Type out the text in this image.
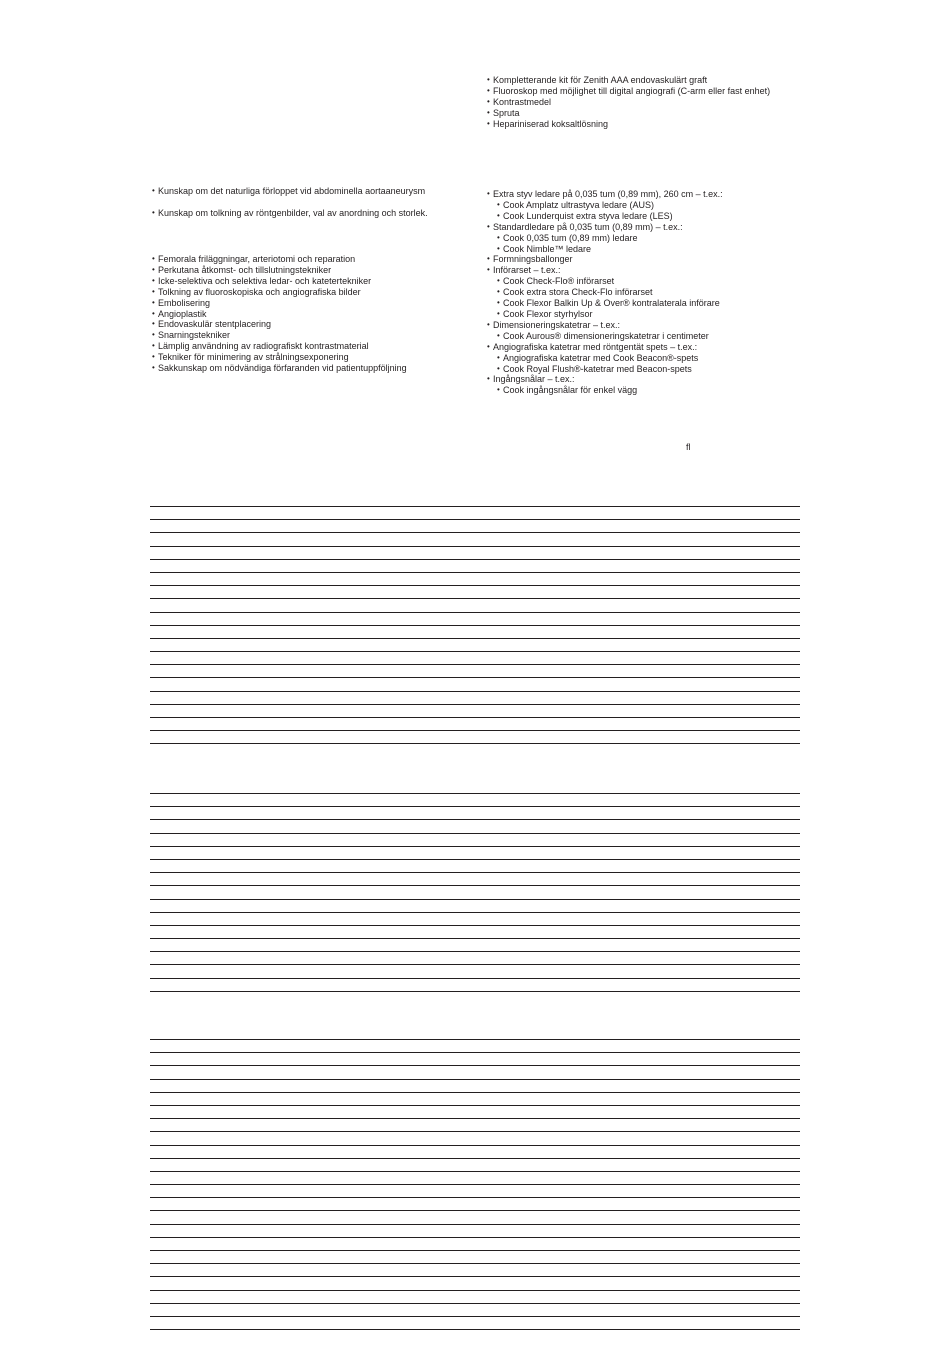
• Kompletterande kit för Zenith AAA endovaskulärt graft
• Fluoroskop med möjlighet till digital angiografi (C-arm eller fast enhet)
• Kontrastmedel
• Spruta
• Hepariniserad koksaltlösning
• Kunskap om det naturliga förloppet vid abdominella aortaaneurysm
• Kunskap om tolkning av röntgenbilder, val av anordning och storlek.
• Femorala friläggningar, arteriotomi och reparation
• Perkutana åtkomst- och tillslutningstekniker
• Icke-selektiva och selektiva ledar- och katetertekniker
• Tolkning av fluoroskopiska och angiografiska bilder
• Embolisering
• Angioplastik
• Endovaskulär stentplacering
• Snarningstekniker
• Lämplig användning av radiografiskt kontrastmaterial
• Tekniker för minimering av strålningsexponering
• Sakkunskap om nödvändiga förfaranden vid patientuppföljning
• Extra styv ledare på 0,035 tum (0,89 mm), 260 cm – t.ex.:
• Cook Amplatz ultrastyva ledare (AUS)
• Cook Lunderquist extra styva ledare (LES)
• Standardledare på 0,035 tum (0,89 mm) – t.ex.:
• Cook 0,035 tum (0,89 mm) ledare
• Cook Nimble™ ledare
• Formningsballonger
• Införarset – t.ex.:
• Cook Check-Flo® införarset
• Cook extra stora Check-Flo införarset
• Cook Flexor Balkin Up & Over® kontralaterala införare
• Cook Flexor styrhylsor
• Dimensioneringskatetrar – t.ex.:
• Cook Aurous® dimensioneringskatetrar i centimeter
• Angiografiska katetrar med röntgentät spets – t.ex.:
• Angiografiska katetrar med Cook Beacon®-spets
• Cook Royal Flush®-katetrar med Beacon-spets
• Ingångsnålar – t.ex.:
• Cook ingångsnålar för enkel vägg
ﬂ
